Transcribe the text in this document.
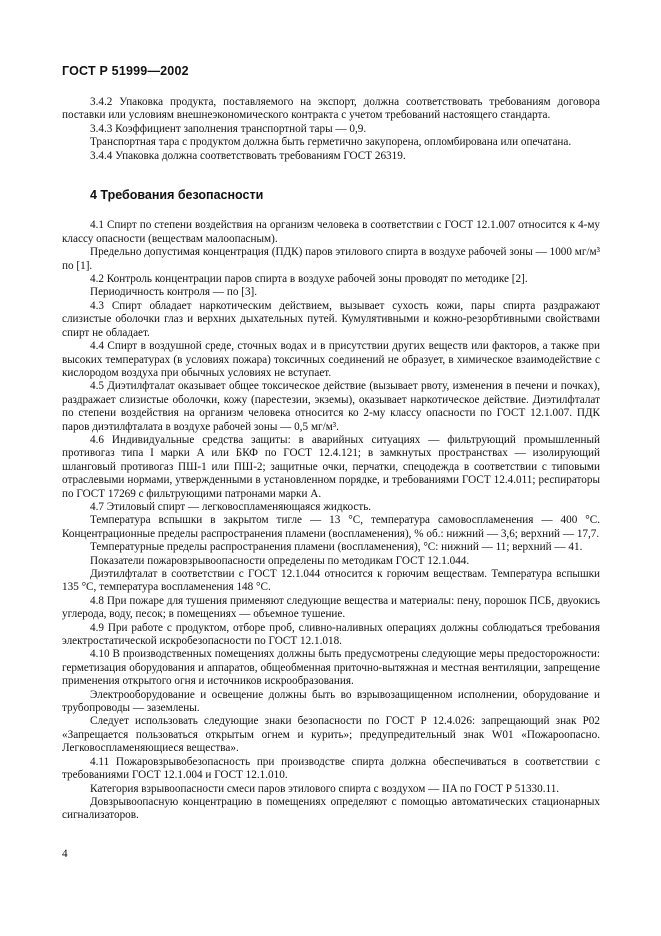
ГОСТ Р 51999—2002

3.4.2 Упаковка продукта, поставляемого на экспорт, должна соответствовать требованиям договора поставки или условиям внешнеэкономического контракта с учетом требований настоящего стандарта.

3.4.3 Коэффициент заполнения транспортной тары — 0,9.

Транспортная тара с продуктом должна быть герметично закупорена, опломбирована или опечатана.

3.4.4 Упаковка должна соответствовать требованиям ГОСТ 26319.

4 Требования безопасности

4.1 Спирт по степени воздействия на организм человека в соответствии с ГОСТ 12.1.007 относится к 4-му классу опасности (веществам малоопасным).

Предельно допустимая концентрация (ПДК) паров этилового спирта в воздухе рабочей зоны — 1000 мг/м³ по [1].

4.2 Контроль концентрации паров спирта в воздухе рабочей зоны проводят по методике [2].

Периодичность контроля — по [3].

4.3 Спирт обладает наркотическим действием, вызывает сухость кожи, пары спирта раздражают слизистые оболочки глаз и верхних дыхательных путей. Кумулятивными и кожно-резорбтивными свойствами спирт не обладает.

4.4 Спирт в воздушной среде, сточных водах и в присутствии других веществ или факторов, а также при высоких температурах (в условиях пожара) токсичных соединений не образует, в химическое взаимодействие с кислородом воздуха при обычных условиях не вступает.

4.5 Диэтилфталат оказывает общее токсическое действие (вызывает рвоту, изменения в печени и почках), раздражает слизистые оболочки, кожу (парестезии, экземы), оказывает наркотическое действие. Диэтилфталат по степени воздействия на организм человека относится ко 2-му классу опасности по ГОСТ 12.1.007. ПДК паров диэтилфталата в воздухе рабочей зоны — 0,5 мг/м³.

4.6 Индивидуальные средства защиты: в аварийных ситуациях — фильтрующий промышленный противогаз типа I марки А или БКФ по ГОСТ 12.4.121; в замкнутых пространствах — изолирующий шланговый противогаз ПШ-1 или ПШ-2; защитные очки, перчатки, спецодежда в соответствии с типовыми отраслевыми нормами, утвержденными в установленном порядке, и требованиями ГОСТ 12.4.011; респираторы по ГОСТ 17269 с фильтрующими патронами марки А.

4.7 Этиловый спирт — легковоспламеняющаяся жидкость.

Температура вспышки в закрытом тигле — 13 °С, температура самовоспламенения — 400 °С. Концентрационные пределы распространения пламени (воспламенения), % об.: нижний — 3,6; верхний — 17,7.

Температурные пределы распространения пламени (воспламенения), °С: нижний — 11; верхний — 41.

Показатели пожаровзрывоопасности определены по методикам ГОСТ 12.1.044.

Диэтилфталат в соответствии с ГОСТ 12.1.044 относится к горючим веществам. Температура вспышки 135 °С, температура воспламенения 148 °С.

4.8 При пожаре для тушения применяют следующие вещества и материалы: пену, порошок ПСБ, двуокись углерода, воду, песок; в помещениях — объемное тушение.

4.9 При работе с продуктом, отборе проб, сливно-наливных операциях должны соблюдаться требования электростатической искробезопасности по ГОСТ 12.1.018.

4.10 В производственных помещениях должны быть предусмотрены следующие меры предосторожности: герметизация оборудования и аппаратов, общеобменная приточно-вытяжная и местная вентиляции, запрещение применения открытого огня и источников искрообразования.

Электрооборудование и освещение должны быть во взрывозащищенном исполнении, оборудование и трубопроводы — заземлены.

Следует использовать следующие знаки безопасности по ГОСТ Р 12.4.026: запрещающий знак Р02 «Запрещается пользоваться открытым огнем и курить»; предупредительный знак W01 «Пожароопасно. Легковоспламеняющиеся вещества».

4.11 Пожаровзрывобезопасность при производстве спирта должна обеспечиваться в соответствии с требованиями ГОСТ 12.1.004 и ГОСТ 12.1.010.

Категория взрывоопасности смеси паров этилового спирта с воздухом — IIA по ГОСТ Р 51330.11.

Довзрывоопасную концентрацию в помещениях определяют с помощью автоматических стационарных сигнализаторов.

4
